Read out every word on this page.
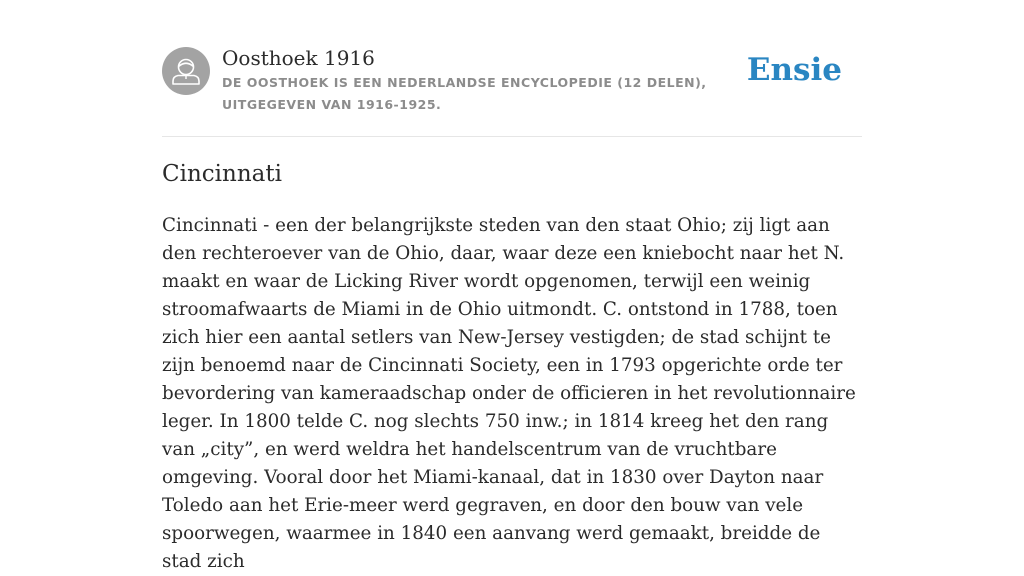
Oosthoek 1916
DE OOSTHOEK IS EEN NEDERLANDSE ENCYCLOPEDIE (12 DELEN), UITGEGEVEN VAN 1916-1925.
Ensie
Cincinnati

Cincinnati - een der belangrijkste steden van den staat Ohio; zij ligt aan den rechteroever van de Ohio, daar, waar deze een kniebocht naar het N. maakt en waar de Licking River wordt opgenomen, terwijl een weinig stroomafwaarts de Miami in de Ohio uitmondt. C. ontstond in 1788, toen zich hier een aantal setlers van New-Jersey vestigden; de stad schijnt te zijn benoemd naar de Cincinnati Society, een in 1793 opgerichte orde ter bevordering van kameraadschap onder de officieren in het revolutionnaire leger. In 1800 telde C. nog slechts 750 inw.; in 1814 kreeg het den rang van „city”, en werd weldra het handelscentrum van de vruchtbare omgeving. Vooral door het Miami-kanaal, dat in 1830 over Dayton naar Toledo aan het Erie-meer werd gegraven, en door den bouw van vele spoorwegen, waarmee in 1840 een aanvang werd gemaakt, breidde de stad zich
